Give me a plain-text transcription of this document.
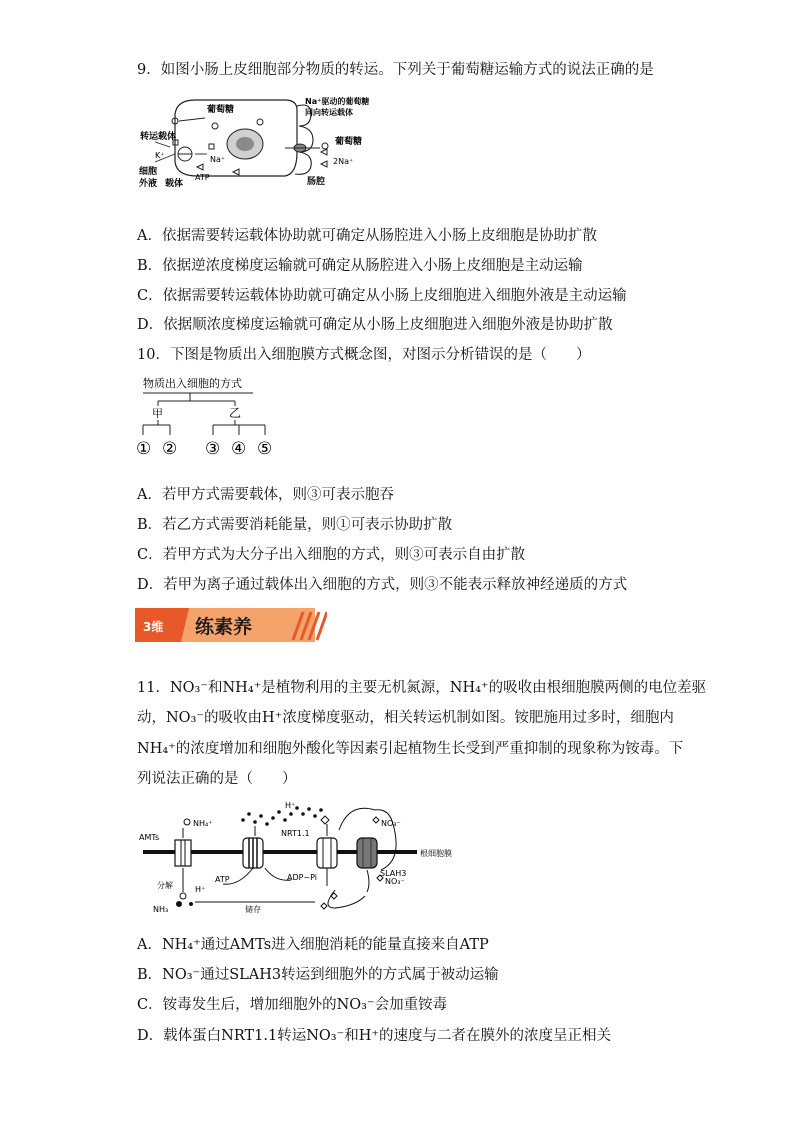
9．如图小肠上皮细胞部分物质的转运。下列关于葡萄糖运输方式的说法正确的是
葡萄糖
Na⁺驱动的葡萄糖
同向转运载体
转运载体
K⁺	Na⁺
葡萄糖
2Na⁺
细胞
外液 载体
ATP	肠腔
A．依据需要转运载体协助就可确定从肠腔进入小肠上皮细胞是协助扩散
B．依据逆浓度梯度运输就可确定从肠腔进入小肠上皮细胞是主动运输
C．依据需要转运载体协助就可确定从小肠上皮细胞进入细胞外液是主动运输
D．依据顺浓度梯度运输就可确定从小肠上皮细胞进入细胞外液是协助扩散
10．下图是物质出入细胞膜方式概念图，对图示分析错误的是（　　）
物质出入细胞的方式
甲	乙
① ② ③ ④ ⑤
A．若甲方式需要载体，则③可表示胞吞
B．若乙方式需要消耗能量，则①可表示协助扩散
C．若甲方式为大分子出入细胞的方式，则③可表示自由扩散
D．若甲为离子通过载体出入细胞的方式，则③不能表示释放神经递质的方式
3维 练素养
11．NO₃⁻和NH₄⁺是植物利用的主要无机氮源，NH₄⁺的吸收由根细胞膜两侧的电位差驱
动，NO₃⁻的吸收由H⁺浓度梯度驱动，相关转运机制如图。铵肥施用过多时，细胞内
NH₄⁺的浓度增加和细胞外酸化等因素引起植物生长受到严重抑制的现象称为铵毒。下
列说法正确的是（　　）
AMTs
NH₄⁺
H⁺
NRT1.1
NO₃⁻
根细胞膜
SLAH3
ATP	ADP~Pi	NO₃⁻
分解	H⁺
NH₃	储存
A．NH₄⁺通过AMTs进入细胞消耗的能量直接来自ATP
B．NO₃⁻通过SLAH3转运到细胞外的方式属于被动运输
C．铵毒发生后，增加细胞外的NO₃⁻会加重铵毒
D．载体蛋白NRT1.1转运NO₃⁻和H⁺的速度与二者在膜外的浓度呈正相关
